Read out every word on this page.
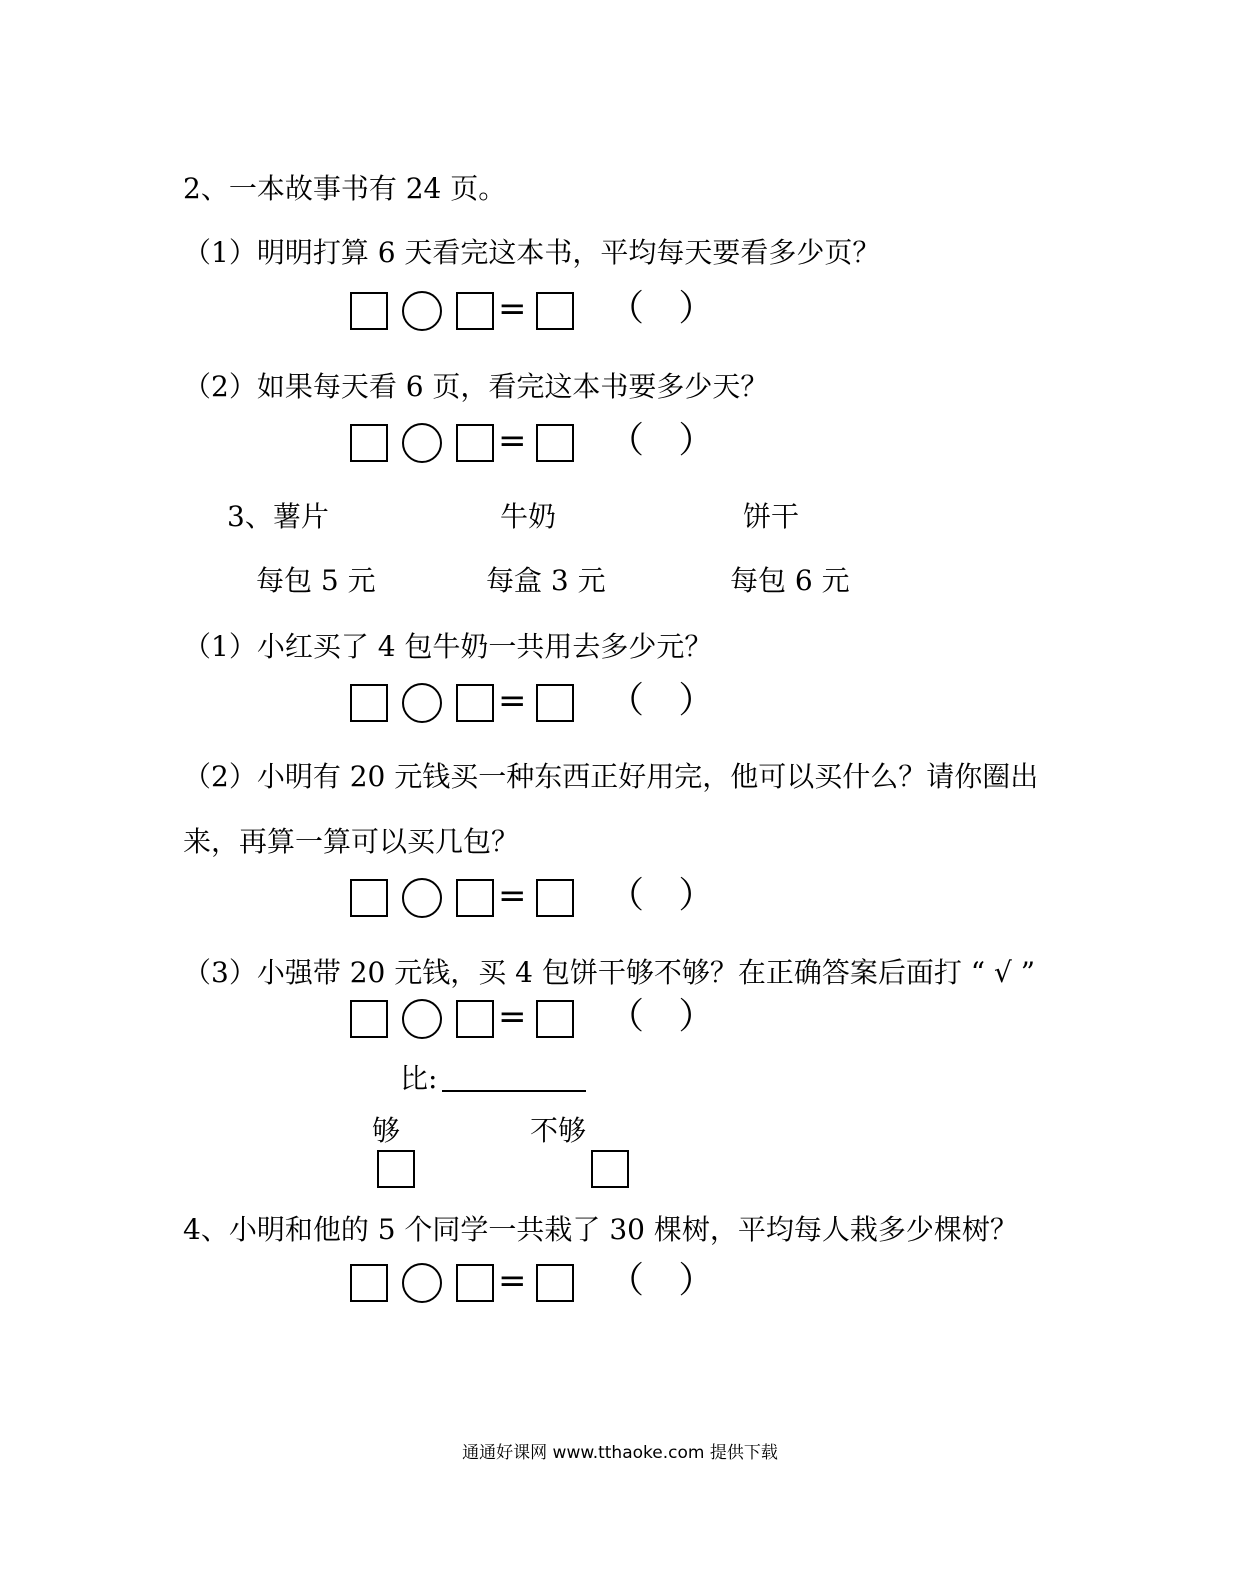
2、一本故事书有 24 页。
（1）明明打算 6 天看完这本书，平均每天要看多少页？
= （   ）
（2）如果每天看 6 页，看完这本书要多少天？
= （   ）
3、薯片	牛奶	饼干
每包 5 元	每盒 3 元	每包 6 元
（1）小红买了 4 包牛奶一共用去多少元？
= （   ）
（2）小明有 20 元钱买一种东西正好用完，他可以买什么？请你圈出
来，再算一算可以买几包？
= （   ）
（3）小强带 20 元钱，买 4 包饼干够不够？在正确答案后面打 “ √ ”
= （   ）
比:
够	不够
4、小明和他的 5 个同学一共栽了 30 棵树，平均每人栽多少棵树？
= （   ）
通通好课网 www.tthaoke.com 提供下载
